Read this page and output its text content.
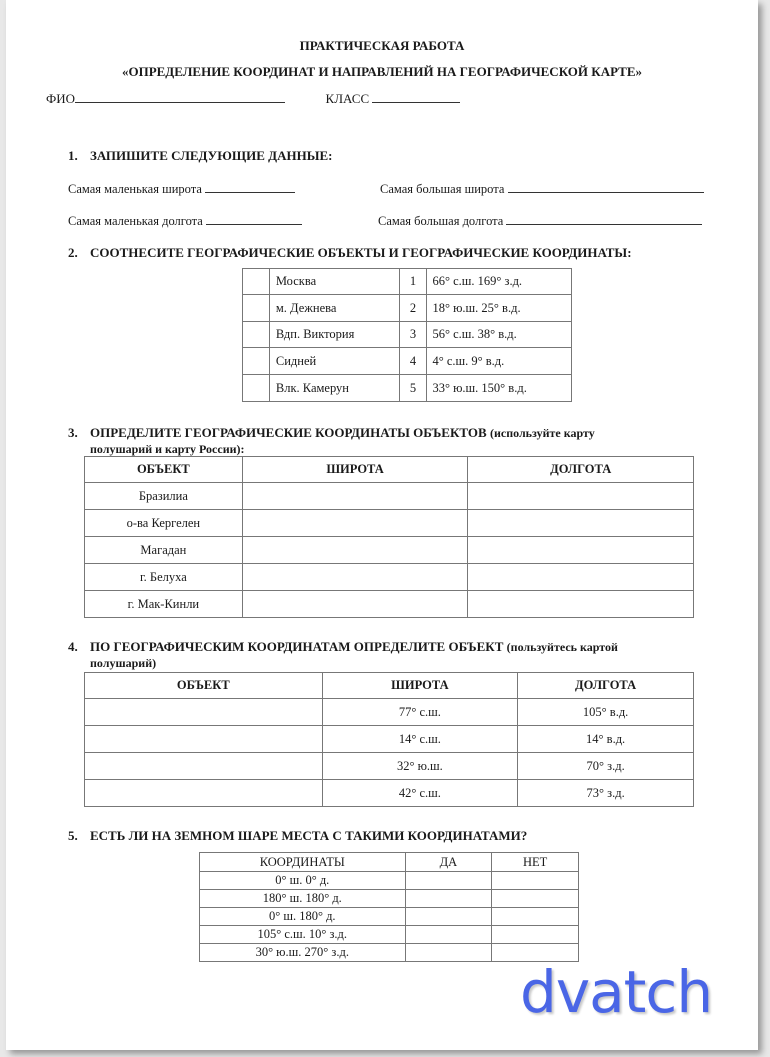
ПРАКТИЧЕСКАЯ РАБОТА
«ОПРЕДЕЛЕНИЕ КООРДИНАТ И НАПРАВЛЕНИЙ НА ГЕОГРАФИЧЕСКОЙ КАРТЕ»
ФИО	КЛАСС
1. ЗАПИШИТЕ СЛЕДУЮЩИЕ ДАННЫЕ:
Самая маленькая широта	Самая большая широта
Самая маленькая долгота	Самая большая долгота
2. СООТНЕСИТЕ ГЕОГРАФИЧЕСКИЕ ОБЪЕКТЫ И ГЕОГРАФИЧЕСКИЕ КООРДИНАТЫ:
	Москва	1	66° с.ш. 169° з.д.
	м. Дежнева	2	18° ю.ш. 25° в.д.
	Вдп. Виктория	3	56° с.ш. 38° в.д.
	Сидней	4	4° с.ш. 9° в.д.
	Влк. Камерун	5	33° ю.ш. 150° в.д.
3. ОПРЕДЕЛИТЕ ГЕОГРАФИЧЕСКИЕ КООРДИНАТЫ ОБЪЕКТОВ (используйте карту
полушарий и карту России):
ОБЪЕКТ	ШИРОТА	ДОЛГОТА
Бразилиа		
о-ва Кергелен		
Магадан		
г. Белуха		
г. Мак-Кинли		
4. ПО ГЕОГРАФИЧЕСКИМ КООРДИНАТАМ ОПРЕДЕЛИТЕ ОБЪЕКТ (пользуйтесь картой
полушарий)
ОБЪЕКТ	ШИРОТА	ДОЛГОТА
	77° с.ш.	105° в.д.
	14° с.ш.	14° в.д.
	32° ю.ш.	70° з.д.
	42° с.ш.	73° з.д.
5. ЕСТЬ ЛИ НА ЗЕМНОМ ШАРЕ МЕСТА С ТАКИМИ КООРДИНАТАМИ?
КООРДИНАТЫ	ДА	НЕТ
0° ш. 0° д.		
180° ш. 180° д.		
0° ш. 180° д.		
105° с.ш. 10° з.д.		
30° ю.ш. 270° з.д.		
dvatch
